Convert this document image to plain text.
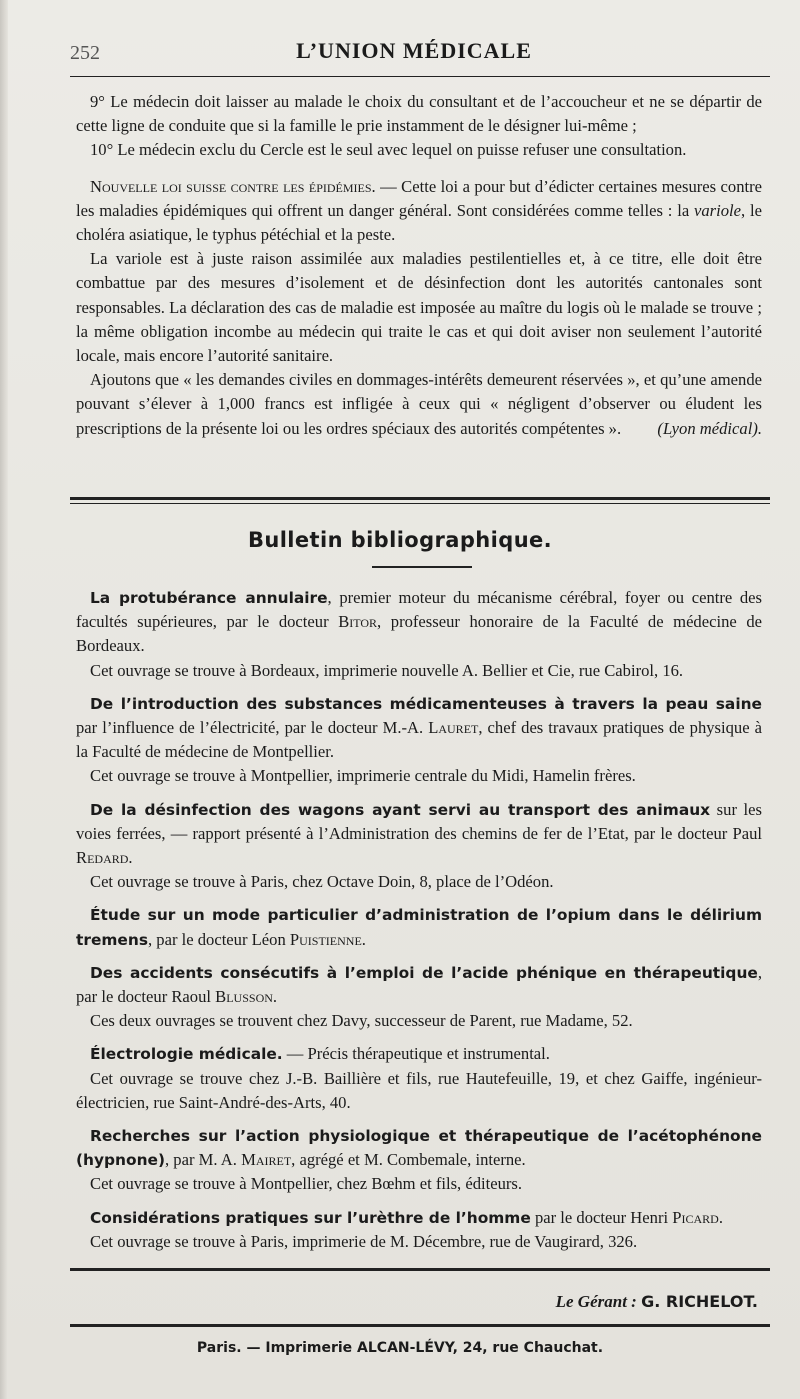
252	L’UNION MÉDICALE

9° Le médecin doit laisser au malade le choix du consultant et de l’accoucheur et ne se départir de cette ligne de conduite que si la famille le prie instamment de le désigner lui-même ;

10° Le médecin exclu du Cercle est le seul avec lequel on puisse refuser une consultation.

Nouvelle loi suisse contre les épidémies. — Cette loi a pour but d’édicter certaines mesures contre les maladies épidémiques qui offrent un danger général. Sont considérées comme telles : la variole, le choléra asiatique, le typhus pétéchial et la peste.

La variole est à juste raison assimilée aux maladies pestilentielles et, à ce titre, elle doit être combattue par des mesures d’isolement et de désinfection dont les autorités cantonales sont responsables. La déclaration des cas de maladie est imposée au maître du logis où le malade se trouve ; la même obligation incombe au médecin qui traite le cas et qui doit aviser non seulement l’autorité locale, mais encore l’autorité sanitaire.

Ajoutons que « les demandes civiles en dommages-intérêts demeurent réservées », et qu’une amende pouvant s’élever à 1,000 francs est infligée à ceux qui « négligent d’observer ou éludent les prescriptions de la présente loi ou les ordres spéciaux des autorités compétentes ».	(Lyon médical).

Bulletin bibliographique.

La protubérance annulaire, premier moteur du mécanisme cérébral, foyer ou centre des facultés supérieures, par le docteur Bitor, professeur honoraire de la Faculté de médecine de Bordeaux.

Cet ouvrage se trouve à Bordeaux, imprimerie nouvelle A. Bellier et Cie, rue Cabirol, 16.

De l’introduction des substances médicamenteuses à travers la peau saine par l’influence de l’électricité, par le docteur M.-A. Lauret, chef des travaux pratiques de physique à la Faculté de médecine de Montpellier.

Cet ouvrage se trouve à Montpellier, imprimerie centrale du Midi, Hamelin frères.

De la désinfection des wagons ayant servi au transport des animaux sur les voies ferrées, — rapport présenté à l’Administration des chemins de fer de l’Etat, par le docteur Paul Redard.

Cet ouvrage se trouve à Paris, chez Octave Doin, 8, place de l’Odéon.

Étude sur un mode particulier d’administration de l’opium dans le délirium tremens, par le docteur Léon Puistienne.

Des accidents consécutifs à l’emploi de l’acide phénique en thérapeutique, par le docteur Raoul Blusson.

Ces deux ouvrages se trouvent chez Davy, successeur de Parent, rue Madame, 52.

Électrologie médicale. — Précis thérapeutique et instrumental.

Cet ouvrage se trouve chez J.-B. Baillière et fils, rue Hautefeuille, 19, et chez Gaiffe, ingénieur-électricien, rue Saint-André-des-Arts, 40.

Recherches sur l’action physiologique et thérapeutique de l’acétophénone (hypnone), par M. A. Mairet, agrégé et M. Combemale, interne.

Cet ouvrage se trouve à Montpellier, chez Bœhm et fils, éditeurs.

Considérations pratiques sur l’urèthre de l’homme par le docteur Henri Picard.

Cet ouvrage se trouve à Paris, imprimerie de M. Décembre, rue de Vaugirard, 326.

Le Gérant : G. RICHELOT.
Paris. — Imprimerie ALCAN-LÉVY, 24, rue Chauchat.
